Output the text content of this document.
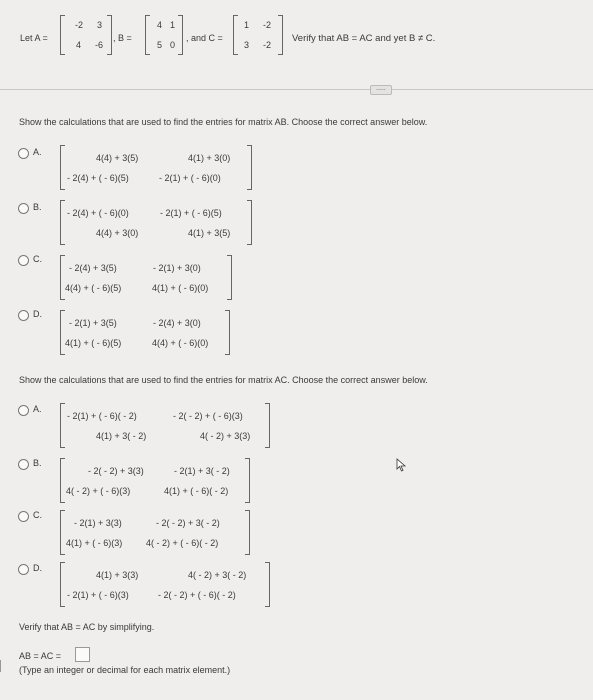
Let A =
-2 3
4 -6
, B =
4 1
5 0
, and C =
1 -2
3 -2
Verify that AB = AC and yet B ≠ C.
.....
Show the calculations that are used to find the entries for matrix AB. Choose the correct answer below.
A.
4(4) + 3(5)	4(1) + 3(0)
- 2(4) + ( - 6)(5)	- 2(1) + ( - 6)(0)
B.
- 2(4) + ( - 6)(0)	- 2(1) + ( - 6)(5)
4(4) + 3(0)	4(1) + 3(5)
C.
- 2(4) + 3(5)	- 2(1) + 3(0)
4(4) + ( - 6)(5)	4(1) + ( - 6)(0)
D.
- 2(1) + 3(5)	- 2(4) + 3(0)
4(1) + ( - 6)(5)	4(4) + ( - 6)(0)
Show the calculations that are used to find the entries for matrix AC. Choose the correct answer below.
A.
- 2(1) + ( - 6)( - 2)	- 2( - 2) + ( - 6)(3)
4(1) + 3( - 2)	4( - 2) + 3(3)
B.
- 2( - 2) + 3(3)	- 2(1) + 3( - 2)
4( - 2) + ( - 6)(3)	4(1) + ( - 6)( - 2)
C.
- 2(1) + 3(3)	- 2( - 2) + 3( - 2)
4(1) + ( - 6)(3)	4( - 2) + ( - 6)( - 2)
D.
4(1) + 3(3)	4( - 2) + 3( - 2)
- 2(1) + ( - 6)(3)	- 2( - 2) + ( - 6)( - 2)
Verify that AB = AC by simplifying.
AB = AC =
(Type an integer or decimal for each matrix element.)
